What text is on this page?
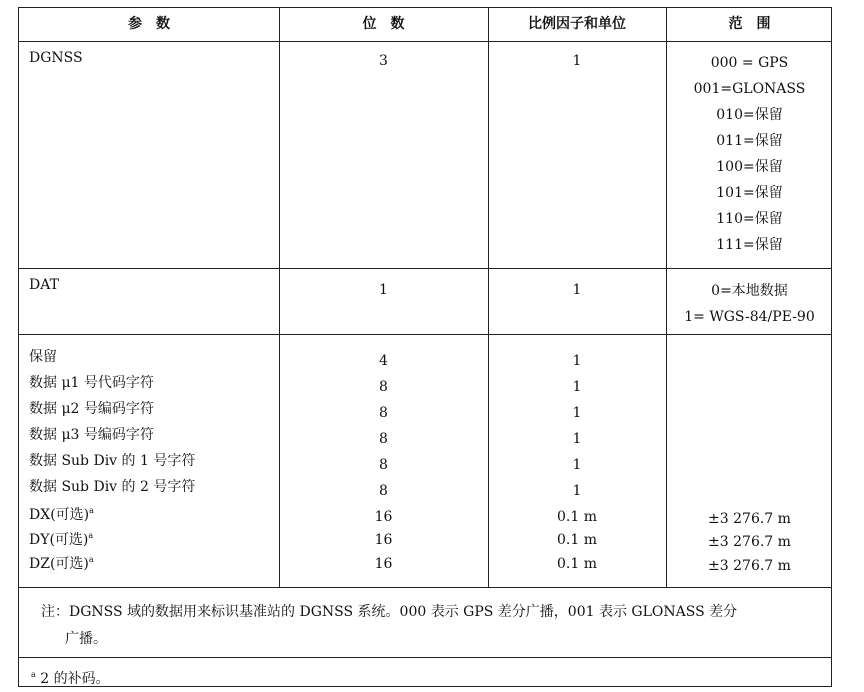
参　数	位　数	比例因子和单位	范　围
DGNSS	3	1	000 = GPS
001=GLONASS
010=保留
011=保留
100=保留
101=保留
110=保留
111=保留
DAT	1	1	0=本地数据
1= WGS-84/PE-90
保留	4	1
数据 μ1 号代码字符	8	1
数据 μ2 号编码字符	8	1
数据 μ3 号编码字符	8	1
数据 Sub Div 的 1 号字符	8	1
数据 Sub Div 的 2 号字符	8	1
DX(可选)$^a$	16	0.1 m	±3 276.7 m
DY(可选)$^a$	16	0.1 m	±3 276.7 m
DZ(可选)$^a$	16	0.1 m	±3 276.7 m
注：DGNSS 域的数据用来标识基准站的 DGNSS 系统。000 表示 GPS 差分广播，001 表示 GLONASS 差分
广播。
$^a$ 2 的补码。
